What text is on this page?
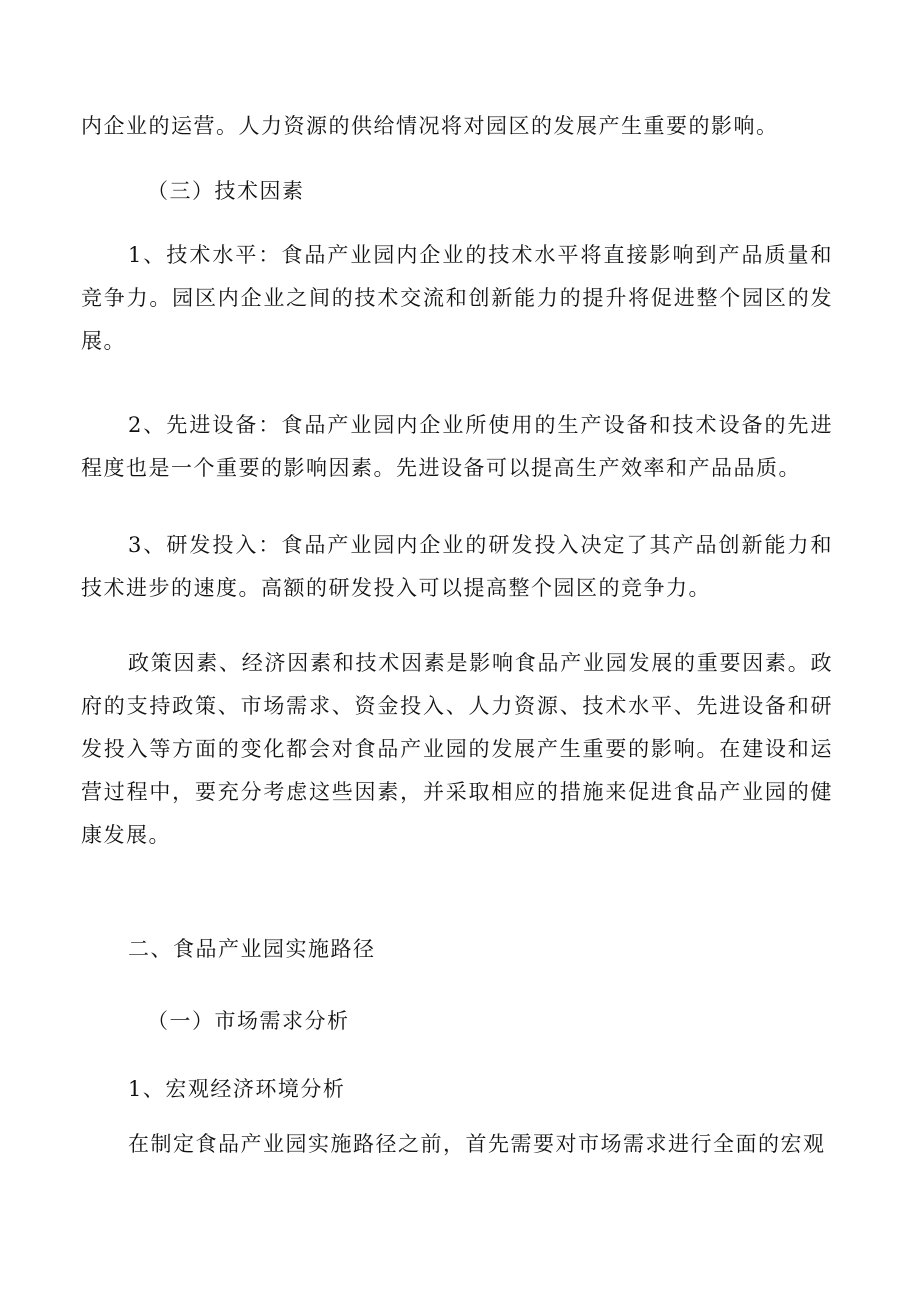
内企业的运营。人力资源的供给情况将对园区的发展产生重要的影响。

（三）技术因素

1、技术水平：食品产业园内企业的技术水平将直接影响到产品质量和竞争力。园区内企业之间的技术交流和创新能力的提升将促进整个园区的发展。

2、先进设备：食品产业园内企业所使用的生产设备和技术设备的先进程度也是一个重要的影响因素。先进设备可以提高生产效率和产品品质。

3、研发投入：食品产业园内企业的研发投入决定了其产品创新能力和技术进步的速度。高额的研发投入可以提高整个园区的竞争力。

政策因素、经济因素和技术因素是影响食品产业园发展的重要因素。政府的支持政策、市场需求、资金投入、人力资源、技术水平、先进设备和研发投入等方面的变化都会对食品产业园的发展产生重要的影响。在建设和运营过程中，要充分考虑这些因素，并采取相应的措施来促进食品产业园的健康发展。

二、食品产业园实施路径

（一）市场需求分析

1、宏观经济环境分析

在制定食品产业园实施路径之前，首先需要对市场需求进行全面的宏观
